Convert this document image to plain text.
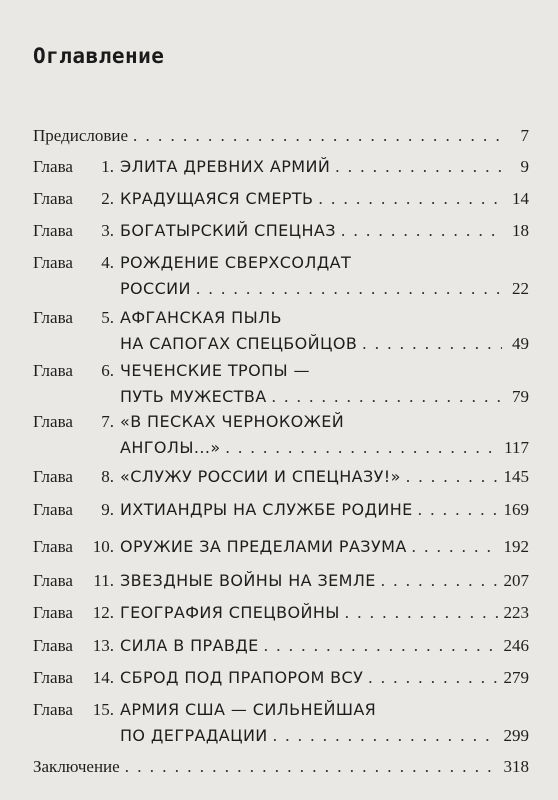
Оглавление
Предисловие . . .	7
Глава	1. ЭЛИТА ДРЕВНИХ АРМИЙ . . .	9
Глава	2. КРАДУЩАЯСЯ СМЕРТЬ . . .	14
Глава	3. БОГАТЫРСКИЙ СПЕЦНАЗ . . .	18
Глава	4. РОЖДЕНИЕ СВЕРХСОЛДАТ
РОССИИ . . .	22
Глава	5. АФГАНСКАЯ ПЫЛЬ
НА САПОГАХ СПЕЦБОЙЦОВ . . .	49
Глава	6. ЧЕЧЕНСКИЕ ТРОПЫ —
ПУТЬ МУЖЕСТВА . . .	79
Глава	7. «В ПЕСКАХ ЧЕРНОКОЖЕЙ
АНГОЛЫ...» . . .	117
Глава	8. «СЛУЖУ РОССИИ И СПЕЦНАЗУ!» . . .	145
Глава	9. ИХТИАНДРЫ НА СЛУЖБЕ РОДИНЕ . . .	169
Глава	10. ОРУЖИЕ ЗА ПРЕДЕЛАМИ РАЗУМА . . .	192
Глава	11. ЗВЕЗДНЫЕ ВОЙНЫ НА ЗЕМЛЕ . . .	207
Глава	12. ГЕОГРАФИЯ СПЕЦВОЙНЫ . . .	223
Глава	13. СИЛА В ПРАВДЕ . . .	246
Глава	14. СБРОД ПОД ПРАПОРОМ ВСУ . . .	279
Глава	15. АРМИЯ США — СИЛЬНЕЙШАЯ
ПО ДЕГРАДАЦИИ . . .	299
Заключение . . .	318
